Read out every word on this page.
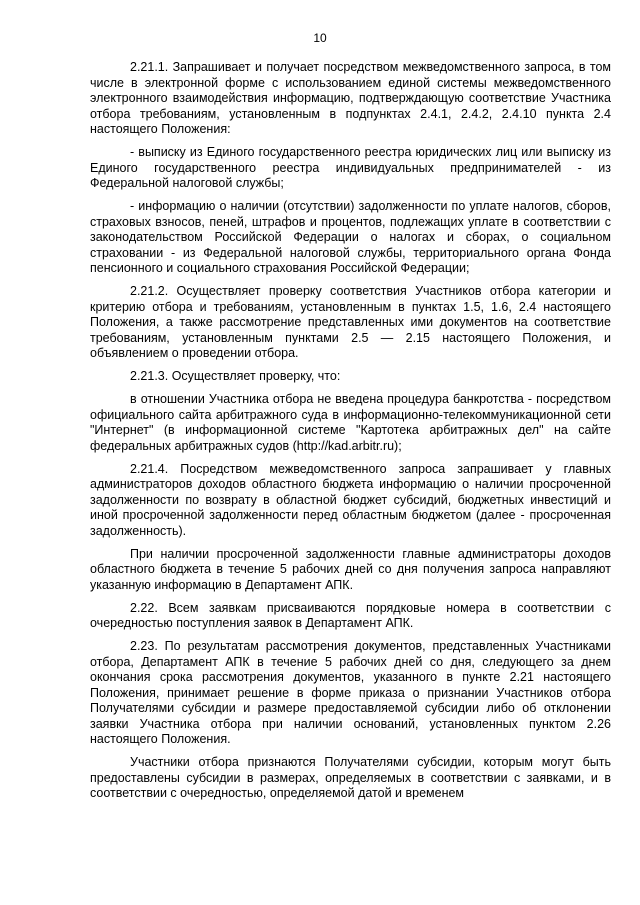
10

2.21.1. Запрашивает и получает посредством межведомственного запроса, в том числе в электронной форме с использованием единой системы межведомственного электронного взаимодействия информацию, подтверждающую соответствие Участника отбора требованиям, установленным в подпунктах 2.4.1, 2.4.2, 2.4.10 пункта 2.4 настоящего Положения:

- выписку из Единого государственного реестра юридических лиц или выписку из Единого государственного реестра индивидуальных предпринимателей - из Федеральной налоговой службы;

- информацию о наличии (отсутствии) задолженности по уплате налогов, сборов, страховых взносов, пеней, штрафов и процентов, подлежащих уплате в соответствии с законодательством Российской Федерации о налогах и сборах, о социальном страховании - из Федеральной налоговой службы, территориального органа Фонда пенсионного и социального страхования Российской Федерации;

2.21.2. Осуществляет проверку соответствия Участников отбора категории и критерию отбора и требованиям, установленным в пунктах 1.5, 1.6, 2.4 настоящего Положения, а также рассмотрение представленных ими документов на соответствие требованиям, установленным пунктами 2.5 — 2.15 настоящего Положения, и объявлением о проведении отбора.

2.21.3. Осуществляет проверку, что:

в отношении Участника отбора не введена процедура банкротства - посредством официального сайта арбитражного суда в информационно-телекоммуникационной сети "Интернет" (в информационной системе "Картотека арбитражных дел" на сайте федеральных арбитражных судов (http://kad.arbitr.ru);

2.21.4. Посредством межведомственного запроса запрашивает у главных администраторов доходов областного бюджета информацию о наличии просроченной задолженности по возврату в областной бюджет субсидий, бюджетных инвестиций и иной просроченной задолженности перед областным бюджетом (далее - просроченная задолженность).

При наличии просроченной задолженности главные администраторы доходов областного бюджета в течение 5 рабочих дней со дня получения запроса направляют указанную информацию в Департамент АПК.

2.22. Всем заявкам присваиваются порядковые номера в соответствии с очередностью поступления заявок в Департамент АПК.

2.23. По результатам рассмотрения документов, представленных Участниками отбора, Департамент АПК в течение 5 рабочих дней со дня, следующего за днем окончания срока рассмотрения документов, указанного в пункте 2.21 настоящего Положения, принимает решение в форме приказа о признании Участников отбора Получателями субсидии и размере предоставляемой субсидии либо об отклонении заявки Участника отбора при наличии оснований, установленных пунктом 2.26 настоящего Положения.

Участники отбора признаются Получателями субсидии, которым могут быть предоставлены субсидии в размерах, определяемых в соответствии с заявками, и в соответствии с очередностью, определяемой датой и временем
